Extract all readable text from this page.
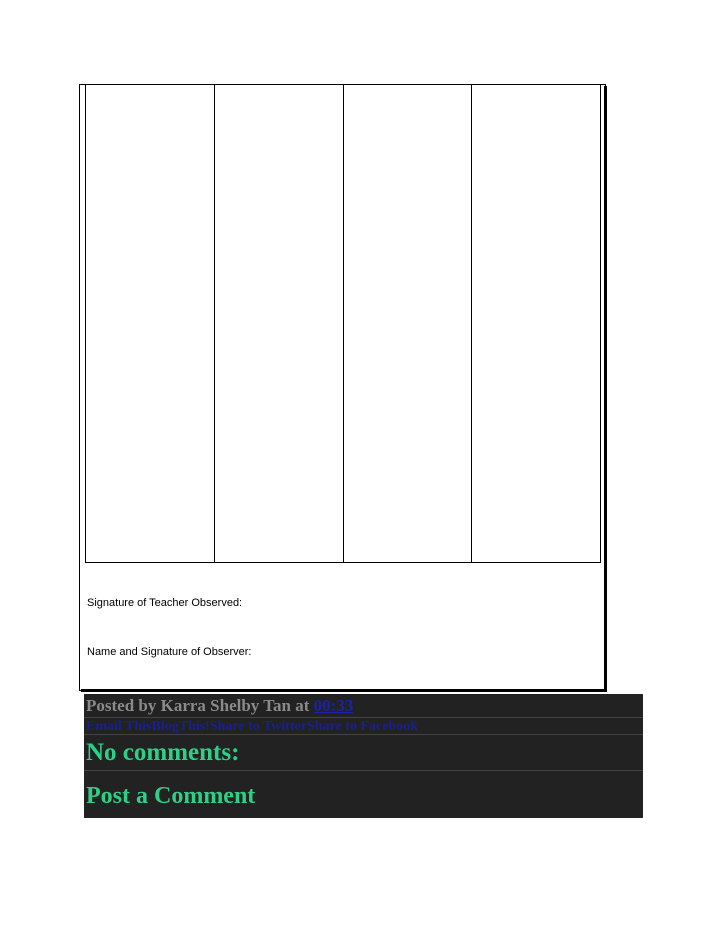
Signature of Teacher Observed:
Name and Signature of Observer:
Posted by Karra Shelby Tan at 00:33
Email ThisBlogThis!Share to TwitterShare to Facebook
No comments:
Post a Comment
